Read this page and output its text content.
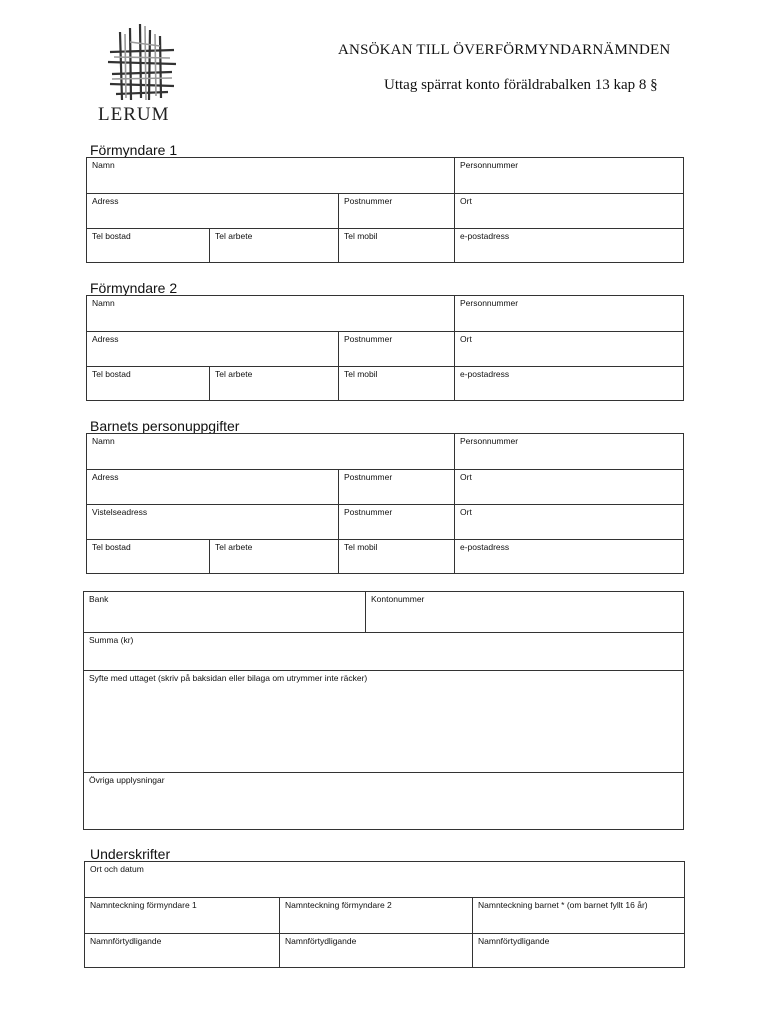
LERUM
ANSÖKAN TILL ÖVERFÖRMYNDARNÄMNDEN
Uttag spärrat konto föräldrabalken 13 kap 8 §
Förmyndare 1
Namn	Personnummer
Adress	Postnummer	Ort
Tel bostad	Tel arbete	Tel mobil	e-postadress
Förmyndare 2
Namn	Personnummer
Adress	Postnummer	Ort
Tel bostad	Tel arbete	Tel mobil	e-postadress
Barnets personuppgifter
Namn	Personnummer
Adress	Postnummer	Ort
Vistelseadress	Postnummer	Ort
Tel bostad	Tel arbete	Tel mobil	e-postadress
Bank	Kontonummer
Summa (kr)
Syfte med uttaget (skriv på baksidan eller bilaga om utrymmer inte räcker)
Övriga upplysningar
Underskrifter
Ort och datum
Namnteckning förmyndare 1	Namnteckning förmyndare 2	Namnteckning barnet * (om barnet fyllt 16 år)
Namnförtydligande	Namnförtydligande	Namnförtydligande
